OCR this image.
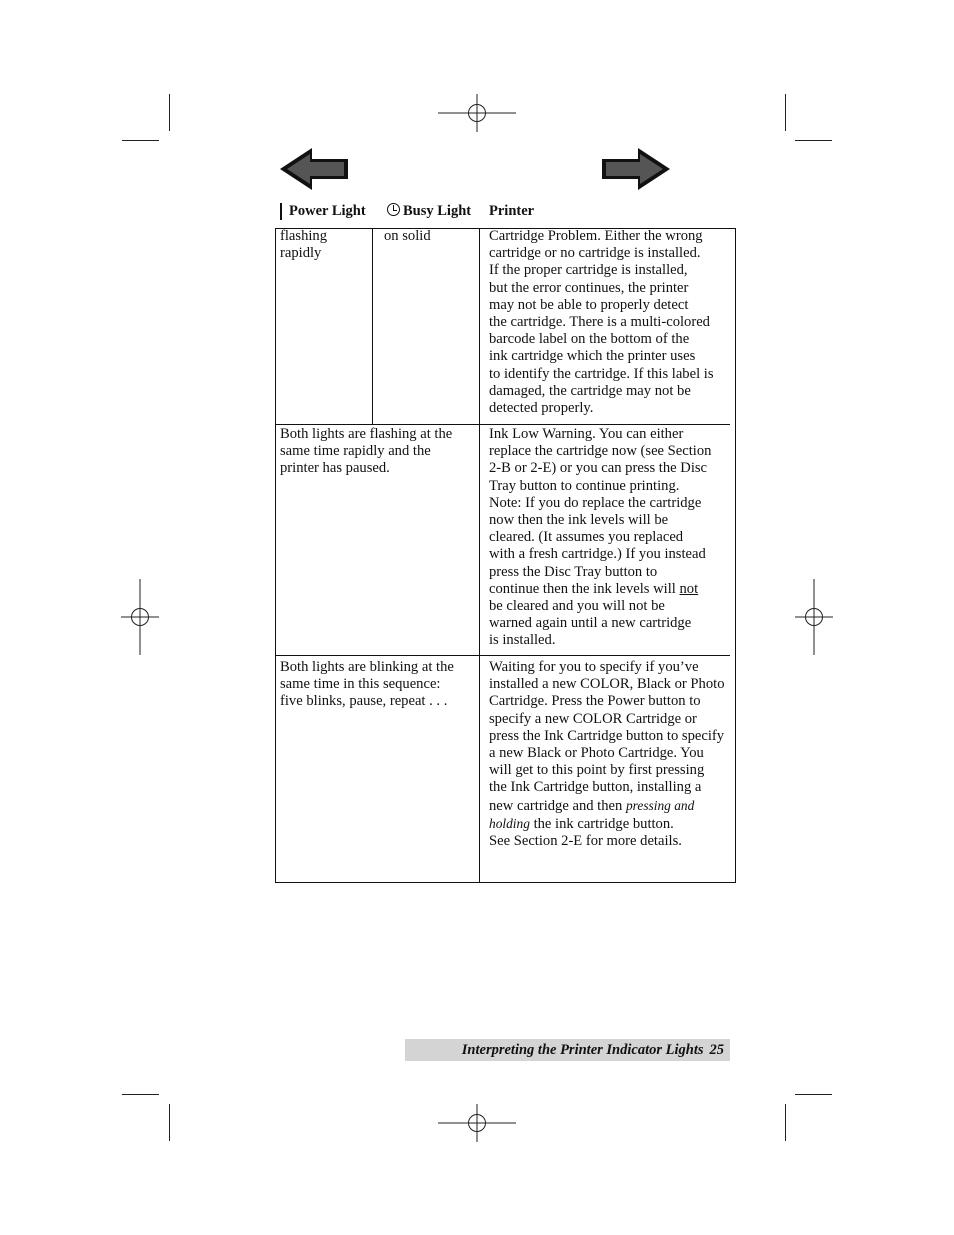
Power Light	Busy Light Printer
flashing
rapidly
on solid	Cartridge Problem. Either the wrong
cartridge or no cartridge is installed.
If the proper cartridge is installed,
but the error continues, the printer
may not be able to properly detect
the cartridge. There is a multi-colored
barcode label on the bottom of the
ink cartridge which the printer uses
to identify the cartridge. If this label is
damaged, the cartridge may not be
detected properly.
Both lights are flashing at the
same time rapidly and the
printer has paused.
Ink Low Warning. You can either
replace the cartridge now (see Section
2-B or 2-E) or you can press the Disc
Tray button to continue printing.
Note: If you do replace the cartridge
now then the ink levels will be
cleared. (It assumes you replaced
with a fresh cartridge.) If you instead
press the Disc Tray button to
continue then the ink levels will not
be cleared and you will not be
warned again until a new cartridge
is installed.
Both lights are blinking at the
same time in this sequence:
five blinks, pause, repeat . . .
Waiting for you to specify if you’ve
installed a new COLOR, Black or Photo
Cartridge. Press the Power button to
specify a new COLOR Cartridge or
press the Ink Cartridge button to specify
a new Black or Photo Cartridge. You
will get to this point by first pressing
the Ink Cartridge button, installing a
new cartridge and then pressing and
holding the ink cartridge button.
See Section 2-E for more details.
Interpreting the Printer Indicator Lights 25
